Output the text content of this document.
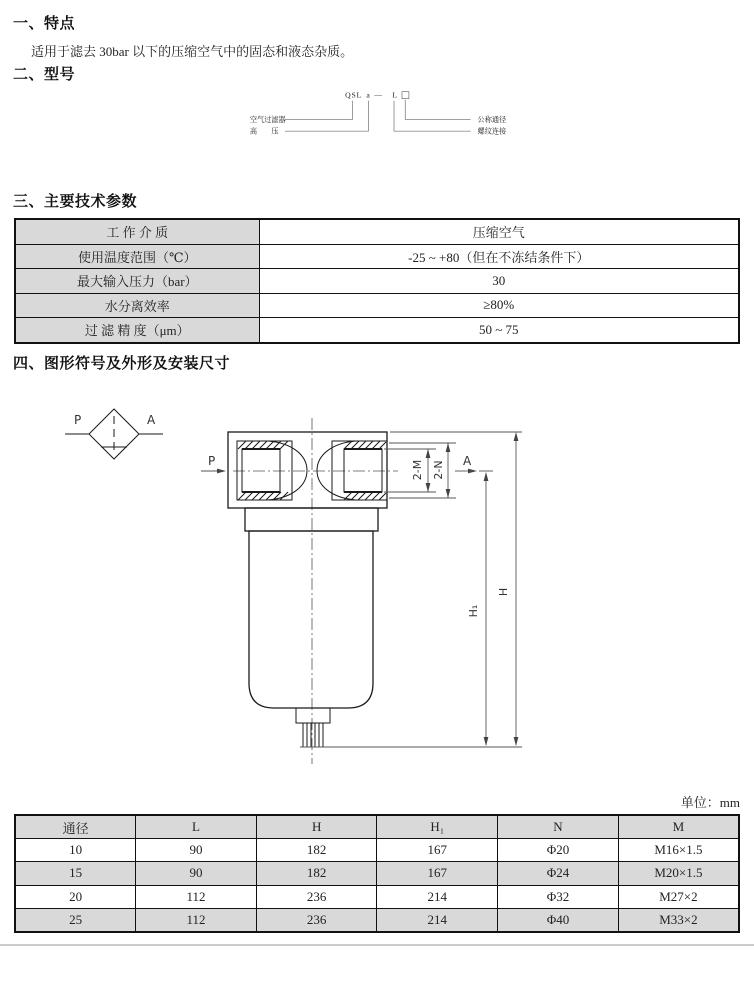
一、特点
适用于滤去 30bar 以下的压缩空气中的固态和液态杂质。
二、型号
QSL a — L
空气过滤器
高　　压
公称通径
螺纹连接
三、主要技术参数
工 作 介 质	压缩空气
使用温度范围（℃）	-25 ~ +80（但在不冻结条件下）
最大输入压力（bar）	30
水分离效率	≥80%
过 滤 精 度（μm）	50 ~ 75
四、图形符号及外形及安装尺寸
P	A
P	A
2-M 2-N
H₁
H
单位：mm
通径	L	H	H₁	N	M
10	90	182	167	Φ20	M16×1.5
15	90	182	167	Φ24	M20×1.5
20	112	236	214	Φ32	M27×2
25	112	236	214	Φ40	M33×2
